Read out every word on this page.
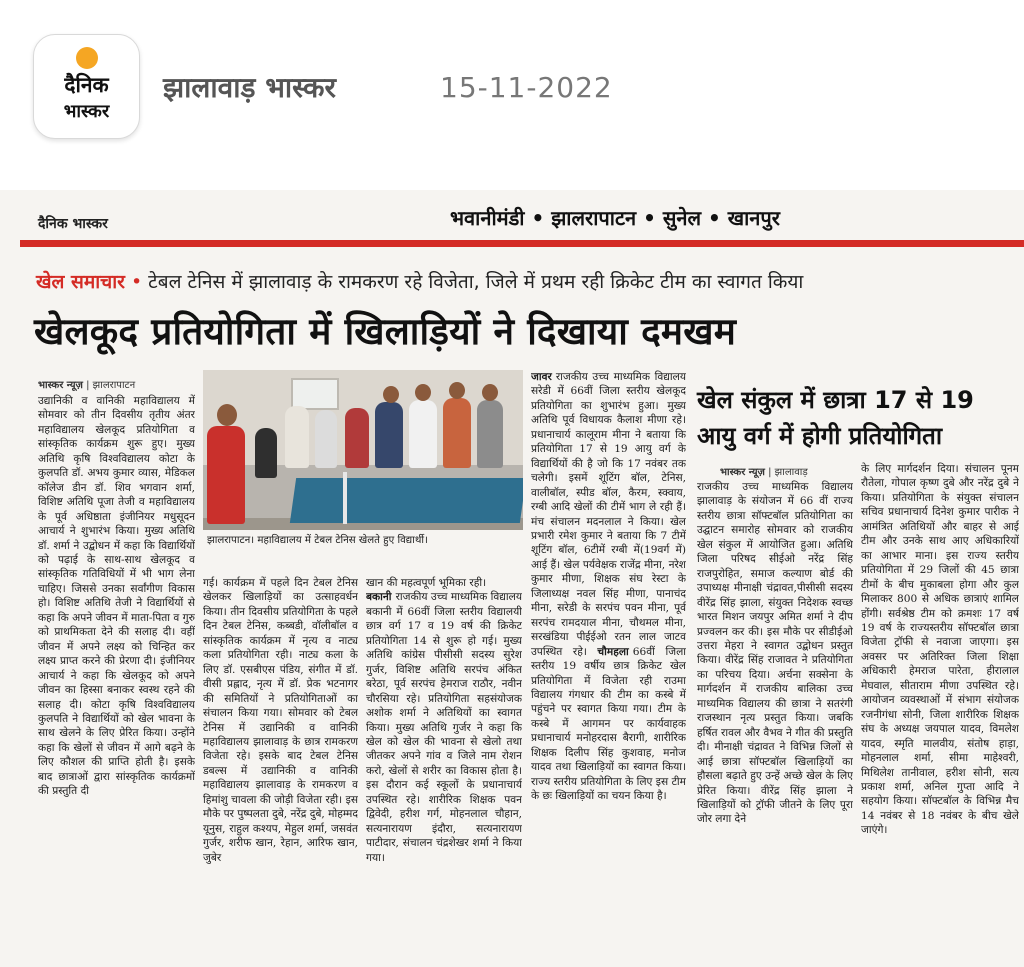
दैनिक
भास्कर
झालावाड़ भास्कर	15-11-2022
दैनिक भास्कर	भवानीमंडी • झालरापाटन • सुनेल • खानपुर
खेल समाचार • टेबल टेनिस में झालावाड़ के रामकरण रहे विजेता, जिले में प्रथम रही क्रिकेट टीम का स्वागत किया
खेलकूद प्रतियोगिता में खिलाड़ियों ने दिखाया दमखम
भास्कर न्यूज़ | झालरापाटन

उद्यानिकी व वानिकी महाविद्यालय में सोमवार को तीन दिवसीय तृतीय अंतर महाविद्यालय खेलकूद प्रतियोगिता व सांस्कृतिक कार्यक्रम शुरू हुए। मुख्य अतिथि कृषि विश्वविद्यालय कोटा के कुलपति डॉ. अभय कुमार व्यास, मेडिकल कॉलेज डीन डॉ. शिव भगवान शर्मा, विशिष्ट अतिथि पूजा तेजी व महाविद्यालय के पूर्व अधिष्ठाता इंजीनियर मधुसूदन आचार्य ने शुभारंभ किया। मुख्य अतिथि डॉ. शर्मा ने उद्बोधन में कहा कि विद्यार्थियों को पढ़ाई के साथ-साथ खेलकूद व सांस्कृतिक गतिविधियों में भी भाग लेना चाहिए। जिससे उनका सर्वांगीण विकास हो। विशिष्ट अतिथि तेजी ने विद्यार्थियों से कहा कि अपने जीवन में माता-पिता व गुरु को प्राथमिकता देने की सलाह दी। वहीं जीवन में अपने लक्ष्य को चिन्हित कर लक्ष्य प्राप्त करने की प्रेरणा दी। इंजीनियर आचार्य ने कहा कि खेलकूद को अपने जीवन का हिस्सा बनाकर स्वस्थ रहने की सलाह दी। कोटा कृषि विश्वविद्यालय कुलपति ने विद्यार्थियों को खेल भावना के साथ खेलने के लिए प्रेरित किया। उन्होंने कहा कि खेलों से जीवन में आगे बढ़ने के लिए कौशल की प्राप्ति होती है। इसके बाद छात्राओं द्वारा सांस्कृतिक कार्यक्रमों की प्रस्तुति दी

झालरापाटन। महाविद्यालय में टेबल टेनिस खेलते हुए विद्यार्थी।

गई। कार्यक्रम में पहले दिन टेबल टेनिस खेलकर खिलाड़ियों का उत्साहवर्धन किया। तीन दिवसीय प्रतियोगिता के पहले दिन टेबल टेनिस, कब्बडी, वॉलीबॉल व सांस्कृतिक कार्यक्रम में नृत्य व नाट्य कला प्रतियोगिता रही। नाट्य कला के लिए डॉ. एसबीएस पंडिय, संगीत में डॉ. वीसी प्रह्लाद, नृत्य में डॉ. प्रेक भटनागर की समितियों ने प्रतियोगिताओं का संचालन किया गया। सोमवार को टेबल टेनिस में उद्यानिकी व वानिकी महाविद्यालय झालावाड़ के छात्र रामकरण विजेता रहे। इसके बाद टेबल टेनिस डबल्स में उद्यानिकी व वानिकी महाविद्यालय झालावाड़ के रामकरण व हिमांशु चावला की जोड़ी विजेता रही। इस मौके पर पुष्पलता दुबे, नरेंद्र दुबे, मोहम्मद यूनुस, राहुल कश्यप, मेहुल शर्मा, जसवंत गुर्जर, शरीफ खान, रेहान, आरिफ खान, जुबेर

खान की महत्वपूर्ण भूमिका रही।
बकानी राजकीय उच्च माध्यमिक विद्यालय बकानी में 66वीं जिला स्तरीय विद्यालयी छात्र वर्ग 17 व 19 वर्ष की क्रिकेट प्रतियोगिता 14 से शुरू हो गई। मुख्य अतिथि कांग्रेस पीसीसी सदस्य सुरेश गुर्जर, विशिष्ट अतिथि सरपंच अंकित बरेठा, पूर्व सरपंच हेमराज राठौर, नवीन चौरसिया रहे। प्रतियोगिता सहसंयोजक अशोक शर्मा ने अतिथियों का स्वागत किया। मुख्य अतिथि गुर्जर ने कहा कि खेल को खेल की भावना से खेलो तथा जीतकर अपने गांव व जिले नाम रोशन करो, खेलों से शरीर का विकास होता है। इस दौरान कई स्कूलों के प्रधानाचार्य उपस्थित रहे। शारीरिक शिक्षक पवन द्विवेदी, हरीश गर्ग, मोहनलाल चौहान, सत्यनारायण इंदौरा, सत्यनारायण पाटीदार, संचालन चंद्रशेखर शर्मा ने किया गया।

जावर राजकीय उच्च माध्यमिक विद्यालय सरेडी में 66वीं जिला स्तरीय खेलकूद प्रतियोगिता का शुभारंभ हुआ। मुख्य अतिथि पूर्व विधायक कैलाश मीणा रहे। प्रधानाचार्य कालूराम मीना ने बताया कि प्रतियोगिता 17 से 19 आयु वर्ग के विद्यार्थियों की है जो कि 17 नवंबर तक चलेगी। इसमें शूटिंग बॉल, टेनिस, वालीबॉल, स्पीड बॉल, कैरम, स्क्वाय, रग्बी आदि खेलों की टीमें भाग ले रही हैं। मंच संचालन मदनलाल ने किया। खेल प्रभारी रमेश कुमार ने बताया कि 7 टीमें शूटिंग बॉल, 6टीमें रग्बी में(19वर्ग में) आई हैं। खेल पर्यवेक्षक राजेंद्र मीना, नरेश कुमार मीणा, शिक्षक संघ रेस्टा के जिलाध्यक्ष नवल सिंह मीणा, पानाचंद मीना, सरेडी के सरपंच पवन मीना, पूर्व सरपंच रामदयाल मीना, चौथमल मीना, सरखंडिया पीईईओ रतन लाल जाटव उपस्थित रहे। चौमहला 66वीं जिला स्तरीय 19 वर्षीय छात्र क्रिकेट खेल प्रतियोगिता में विजेता रही राउमा विद्यालय गंगधार की टीम का कस्बे में पहुंचने पर स्वागत किया गया। टीम के कस्बे में आगमन पर कार्यवाहक प्रधानाचार्य मनोहरदास बैरागी, शारीरिक शिक्षक दिलीप सिंह कुशवाह, मनोज यादव तथा खिलाड़ियों का स्वागत किया। राज्य स्तरीय प्रतियोगिता के लिए इस टीम के छः खिलाड़ियों का चयन किया है।

खेल संकुल में छात्रा 17 से 19 आयु वर्ग में होगी प्रतियोगिता
भास्कर न्यूज़ | झालावाड़

राजकीय उच्च माध्यमिक विद्यालय झालावाड़ के संयोजन में 66 वीं राज्य स्तरीय छात्रा सॉफ्टबॉल प्रतियोगिता का उद्घाटन समारोह सोमवार को राजकीय खेल संकुल में आयोजित हुआ। अतिथि जिला परिषद सीईओ नरेंद्र सिंह राजपुरोहित, समाज कल्याण बोर्ड की उपाध्यक्ष मीनाक्षी चंद्रावत,पीसीसी सदस्य वीरेंद्र सिंह झाला, संयुक्त निदेशक स्वच्छ भारत मिशन जयपुर अमित शर्मा ने दीप प्रज्वलन कर की। इस मौके पर सीडीईओ उत्तरा मेहरा ने स्वागत उद्बोधन प्रस्तुत किया। वीरेंद्र सिंह राजावत ने प्रतियोगिता का परिचय दिया। अर्चना सक्सेना के मार्गदर्शन में राजकीय बालिका उच्च माध्यमिक विद्यालय की छात्रा ने सतरंगी राजस्थान नृत्य प्रस्तुत किया। जबकि हर्षित रावल और वैभव ने गीत की प्रस्तुति दी। मीनाक्षी चंद्रावत ने विभिन्न जिलों से आई छात्रा सॉफ्टबॉल खिलाड़ियों का हौसला बढ़ाते हुए उन्हें अच्छे खेल के लिए प्रेरित किया। वीरेंद्र सिंह झाला ने खिलाड़ियों को ट्रॉफी जीतने के लिए पूरा जोर लगा देने

के लिए मार्गदर्शन दिया। संचालन पूनम रौतेला, गोपाल कृष्ण दुबे और नरेंद्र दुबे ने किया। प्रतियोगिता के संयुक्त संचालन सचिव प्रधानाचार्य दिनेश कुमार पारीक ने आमंत्रित अतिथियों और बाहर से आई टीम और उनके साथ आए अधिकारियों का आभार माना। इस राज्य स्तरीय प्रतियोगिता में 29 जिलों की 45 छात्रा टीमों के बीच मुकाबला होगा और कुल मिलाकर 800 से अधिक छात्राएं शामिल होंगी। सर्वश्रेष्ठ टीम को क्रमशः 17 वर्ष 19 वर्ष के राज्यस्तरीय सॉफ्टबॉल छात्रा विजेता ट्रॉफी से नवाजा जाएगा। इस अवसर पर अतिरिक्त जिला शिक्षा अधिकारी हेमराज पारेता, हीरालाल मेघवाल, सीताराम मीणा उपस्थित रहे। आयोजन व्यवस्थाओं में संभाग संयोजक रजनीगंधा सोनी, जिला शारीरिक शिक्षक संघ के अध्यक्ष जयपाल यादव, विमलेश यादव, स्मृति मालवीय, संतोष हाड़ा, मोहनलाल शर्मा, सीमा माहेश्वरी, मिथिलेश तानीवाल, हरीश सोनी, सत्य प्रकाश शर्मा, अनिल गुप्ता आदि ने सहयोग किया। सॉफ्टबॉल के विभिन्न मैच 14 नवंबर से 18 नवंबर के बीच खेले जाएंगे।
